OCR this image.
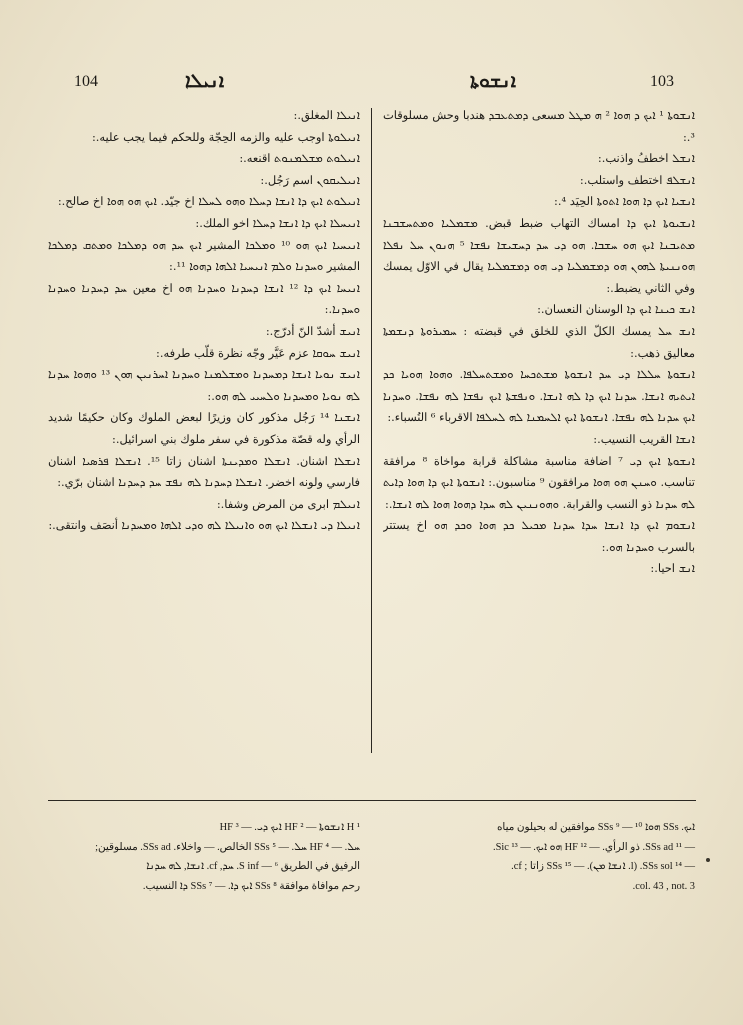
104	ܐܢܝܠܐ	ܐܢܫܘܬܐ	103

ܐܢܫܘܬܐ ¹ ܐܝܟ ܕ ܗܘܐ ² ܗ ܡܛܠ ܡسعى ܕܡܬܥܒܕ هندبا وحش مسلوقات ³.:

ܐܢܫܠ اخطفُ واذنب.:

ܐܢܫܠܦ اختطف واستلب.:

ܐܢܫܝܐ ܐܝܟ ܕܐ ܗܘܐ ܐܬܘܬܐ الحِيَد ⁴.:

ܐܢܫܝܘܬܐ ܐܝܟ ܕܐ امساك التهاب ضبط قبض. ܡܫܡܠܝܐ ܘܡܬܚܫܒܢܐ ܡܬܝܒܢܐ ܐܝܟ ܗܘ ܚܫܒܐ. ܗܘ ܕܝ ܚܕ ܕܚܫܝܫܐ ܢܦܫܐ ⁵ ܗܢܘܢ ܚܠ ܢܦܠܐ ܗܘܢܢܝܬܐ ܠܗܘܢ ܗܘ ܕܡܫܡܠܝܐ ܕܝ ܗܘ ܕܡܫܡܠܝܐ يقال في الاوّل يمسك وفي الثاني يضبط.:

ܐܢܫ ܟܝܢܐ ܐܝܟ ܕܐ الوسنان النعسان.:

ܐܢܫ ܚܠ يمسك الكلّ الذي للخلق في قبضته : ܚܡܝܪܘܬܐ ܕܢܫܡܬܐ معاليق ذهب.:

ܐܢܫܘܬܐ ܚܠܠܐ ܕܝ ܚܕ ܐܢܫܘܬܐ ܡܫܬܟܚܐ ܘܡܫܬܚܠܦܐ. ܘܗܘܐ ܗܘܝܐ ܟܕ ܐܝܬܝܗ ܐܢܫܐ. ܚܕܢܐ ܐܝܟ ܕܐ ܠܗ ܐܢܫܐ. ܘܢܦܫܬܐ ܐܝܟ ܢܦܫܐ ܠܗ ܢܦܫܐ. ܘܚܕܢܐ ܐܝܟ ܚܕܢܐ ܠܗ ܢܦܫܐ. ܐܢܫܘܬܐ ܐܝܟ ܐܠܚܡܢܐ ܠܗ ܠܚܠܦܐ الاقرباء ⁶ النُسباء.:

ܐܢܫܐ القريب النسيب.:

ܐܢܫܘܬܐ ܐܝܟ ܕܝ ⁷ اضافة مناسبة مشاكلة قرابة مواخاة ⁸ مرافقة تناسب. ܘܚܢܢ ܗܘ ܗܘܐ مرافقون ⁹ مناسبون.: ܐܢܫܘܬܐ ܐܝܟ ܕܐ ܗܘܐ ܕܐܝܬ ܠܗ ܚܕܢܐ ذو النسب والقرابة. ܘܗܘܢܢܝܢ ܠܗ ܚܕܐ ܕܗܘܐ ܗܘܐ ܠܗ ܐܢܫܐ.:

ܐܢܫܘܡ ܐܝܟ ܕܐ ܐܢܫܐ ܚܕܐ ܚܕܢܐ ܡܟܝܠ ܟܕ ܗܘܐ ܘܟܕ ܗܘ اخ يستتر بالسرب ܘܚܕܢܐ ܗܘ.:

ܐܢܫ احيا.:

ܐܢܝܠܐ المغلق.:

ܐܢܝܠܘܬܐ اوجب عليه والزمه الحِجّة وللحكم فيما يجب عليه.:

ܐܢܝܠܘܬ ܡܫܠܡܢܘܬ اقنعه.:

ܐܢܝܠܝܩܘܢ اسم رَجُل.:

ܐܢܝܠܘܬ ܐܝܟ ܕܐ ܐܢܫܐ ܕܚܠܐ ܘܗܘ ܠܚܠܐ اخ جيّد. ܐܝܟ ܗܘ ܗܘܐ اخ صالح.:

ܐܢܝܚܠܐ ܐܝܟ ܕܐ ܐܢܫܐ ܕܚܠܐ اخو الملك.:

ܐܢܝܚܝܐ ܐܝܟ ܗܘ ¹⁰ ܘܡܠܟܐ المشير ܐܝܟ ܚܕ ܗܘ ܕܡܠܟܐ ܘܡܬܩ ܕܡܠܟܐ المشير ܘܚܕܢܐ ܘܠܡ ܐܢܝܚܝܐ ܐܠܗܐ ܕܗܘܐ ¹¹.:

ܐܢܝܚܐ ܐܝܟ ܕܐ ¹² ܐܢܫܐ ܕܚܕܢܐ ܘܚܕܢܐ ܗܘ اخ معين ܚܕ ܕܚܕܢܐ ܘܚܕܢܐ ܘܚܕܢܐ.:

ܐܢܝܫ أشدّ النّ أدرّج.:

ܐܢܝܫ ܚܘܩܐ عزم عَيَّر وجّه نظرة قلّب طرفه.:

ܐܢܝܫ ܢܘܝܐ ܐܢܫܐ ܕܡܚܕܢܐ ܘܡܫܠܡܢܐ ܘܚܕܢܐ ܐܚܪܢܝܢ ܗܘܢ ¹³ ܘܗܘܐ ܚܕܢܐ ܠܗ ܢܘܝܐ ܘܡܚܕܢܐ ܘܠܚܝܝ ܠܗ ܗܘ.:

ܐܢܫܢܐ ¹⁴ رَجُل مذكور كان وزيرًا لبعض الملوك وكان حكيمًا شديد الرأي وله قصّة مذكورة في سفر ملوك بني اسرائيل.:

ܐܢܫܠܐ اشنان. ܐܢܫܠܐ ܘܡܕܝܢܬܐ اشنان زاتا ¹⁵. ܐܢܫܠܐ ܦܪܣܝܐ اشنان فارسي ولونه اخضر. ܐܢܫܠܐ ܕܚܕܢܐ ܠܗ ܢܦܫ ܚܕ ܕܚܕܢܐ اشنان برّي.:

ܐܢܝܠܡ ابرى من المرض وشفا.:

ܐܢܝܠܐ ܕܝ ܐܢܫܠܐ ܐܝܟ ܗܘ ܘܐܢܝܠܐ ܠܗ ܘܕܝ ܐܠܗܐ ܘܡܚܕܢܐ أنصَف وانتقى.:

ܐܝܟ. SSs ܗܘܐ ¹⁰ — SSs ⁹ موافقين له بحيلون مياه

— ¹¹ SSs ad. ذو الرأي. — ¹² HF ܗܘ ܐܝܟ. — ¹³ Sic.

— ¹⁴ SSs sol. (l. ܐܢܫܐ ܡܢ). — ¹⁵ SSs زاتا ; cf.

col. 43 , not. 3.

¹ H ܐܢܫܘܬܐ — ² HF ܐܝܟ ܕܝ. — ³ HF

ܚܠ. — ⁴ HF ܚܠ. — ⁵ SSs الخالص. — واخلاء. SSs ad. مسلوقين;

الرفيق في الطريق ⁶ — S inf. ܚܕ, cf. ܐܢܫܐ, ܠܗ ܚܕܢܐ

رحم موافاة موافقة ⁸ SSs ܐܝܟ ܕܐ. — ⁷ SSs ܕܐ النسيب.
